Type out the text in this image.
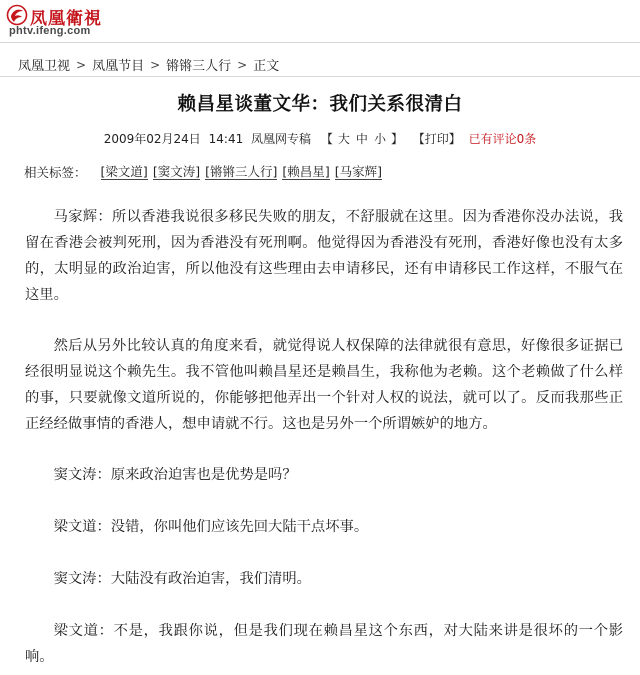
凤凰衛視
phtv.ifeng.com
凤凰卫视 > 凤凰节目 > 锵锵三人行 > 正文
赖昌星谈董文华：我们关系很清白
2009年02月24日 14:41 凤凰网专稿 【 大 中 小 】 【打印】 已有评论0条
相关标签：	[ 梁文道 ]	[ 窦文涛 ]	[ 锵锵三人行 ]	[ 赖昌星 ]	[ 马家辉 ]

马家辉：所以香港我说很多移民失败的朋友，不舒服就在这里。因为香港你没办法说，我留在香港会被判死刑，因为香港没有死刑啊。他觉得因为香港没有死刑，香港好像也没有太多的，太明显的政治迫害，所以他没有这些理由去申请移民，还有申请移民工作这样，不服气在这里。

然后从另外比较认真的角度来看，就觉得说人权保障的法律就很有意思，好像很多证据已经很明显说这个赖先生。我不管他叫赖昌星还是赖昌生，我称他为老赖。这个老赖做了什么样的事，只要就像文道所说的，你能够把他弄出一个针对人权的说法，就可以了。反而我那些正正经经做事情的香港人，想申请就不行。这也是另外一个所谓嫉妒的地方。

窦文涛：原来政治迫害也是优势是吗？

梁文道：没错，你叫他们应该先回大陆干点坏事。

窦文涛：大陆没有政治迫害，我们清明。

梁文道：不是，我跟你说，但是我们现在赖昌星这个东西，对大陆来讲是很坏的一个影响。
